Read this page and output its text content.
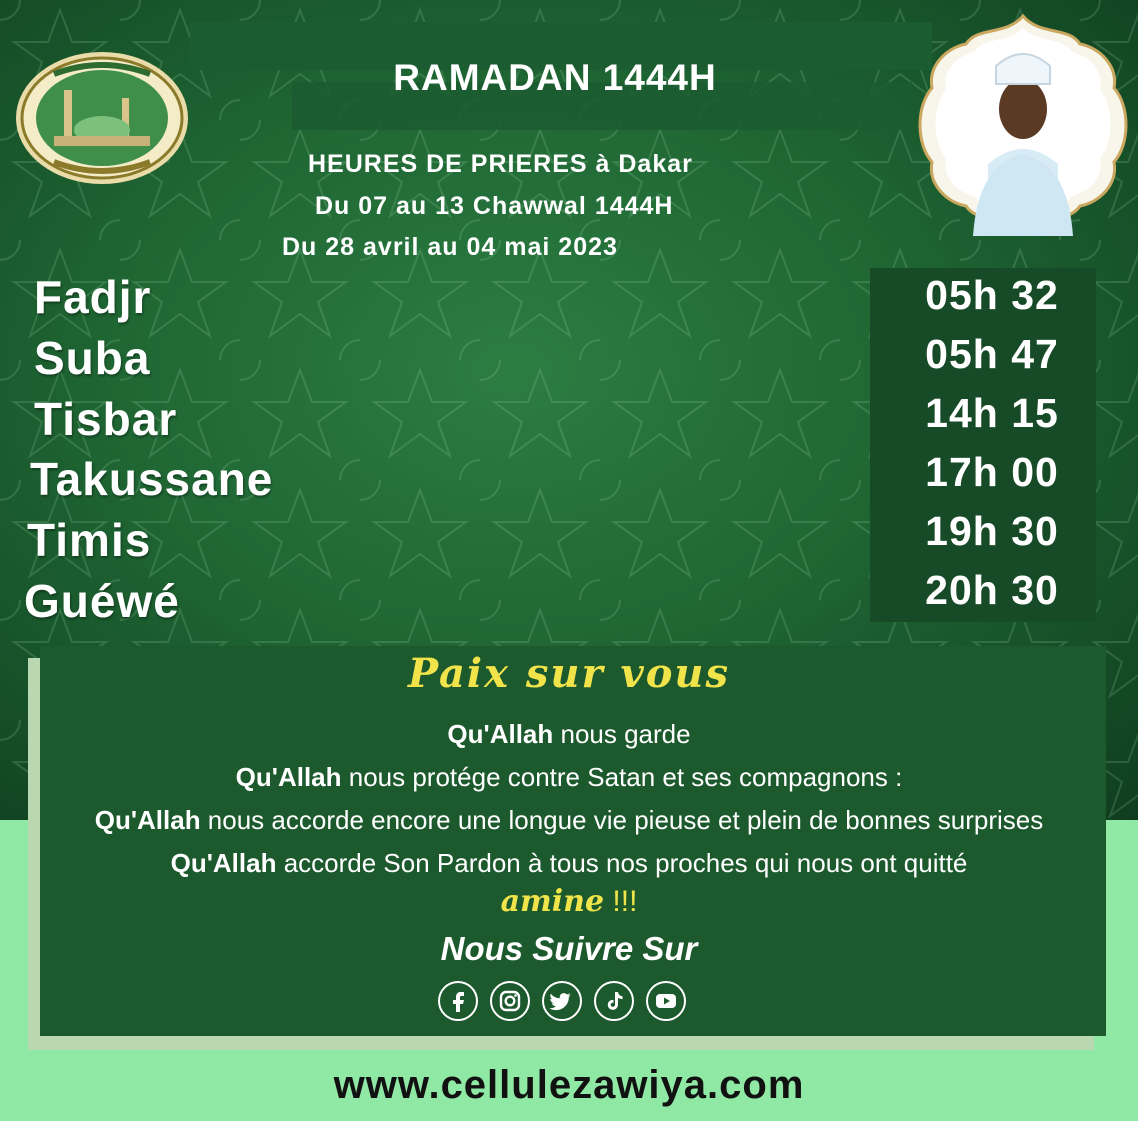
RAMADAN 1444H
HEURES DE PRIERES à Dakar
Du 07 au 13 Chawwal 1444H
Du 28 avril au 04 mai 2023
Fadjr
Suba
Tisbar
Takussane
Timis
Guéwé
05h 32
05h 47
14h 15
17h 00
19h 30
20h 30
Paix sur vous
Qu'Allah nous garde
Qu'Allah nous protége contre Satan et ses compagnons :
Qu'Allah nous accorde encore une longue vie pieuse et plein de bonnes surprises
Qu'Allah accorde Son Pardon à tous nos proches qui nous ont quitté
amine !!!
Nous Suivre Sur
www.cellulezawiya.com
